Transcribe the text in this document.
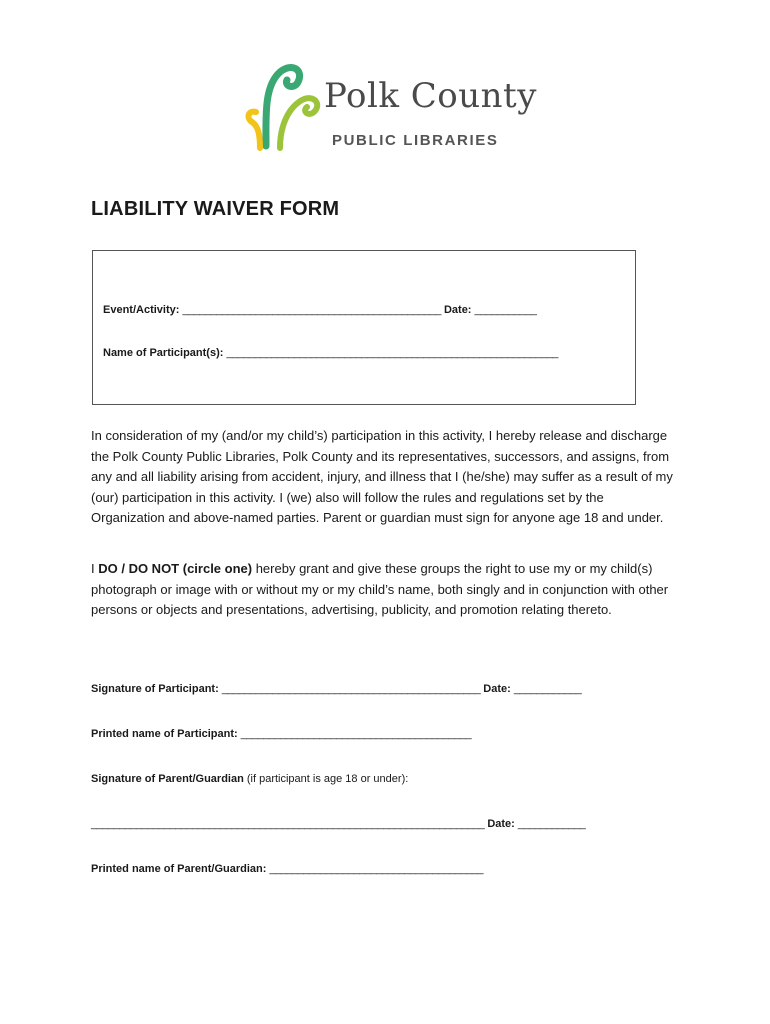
Polk County
PUBLIC LIBRARIES
LIABILITY WAIVER FORM
Event/Activity: ______________________________________________ Date: ___________
Name of Participant(s): ___________________________________________________________

In consideration of my (and/or my child’s) participation in this activity, I hereby release and discharge the Polk County Public Libraries, Polk County and its representatives, successors, and assigns, from any and all liability arising from accident, injury, and illness that I (he/she) may suffer as a result of my (our) participation in this activity. I (we) also will follow the rules and regulations set by the Organization and above-named parties. Parent or guardian must sign for anyone age 18 and under.

I DO / DO NOT (circle one) hereby grant and give these groups the right to use my or my child(s) photograph or image with or without my or my child’s name, both singly and in conjunction with other persons or objects and presentations, advertising, publicity, and promotion relating thereto.

Signature of Participant: ______________________________________________ Date: ____________
Printed name of Participant: _________________________________________
Signature of Parent/Guardian (if participant is age 18 or under):
______________________________________________________________________ Date: ____________
Printed name of Parent/Guardian: ______________________________________
